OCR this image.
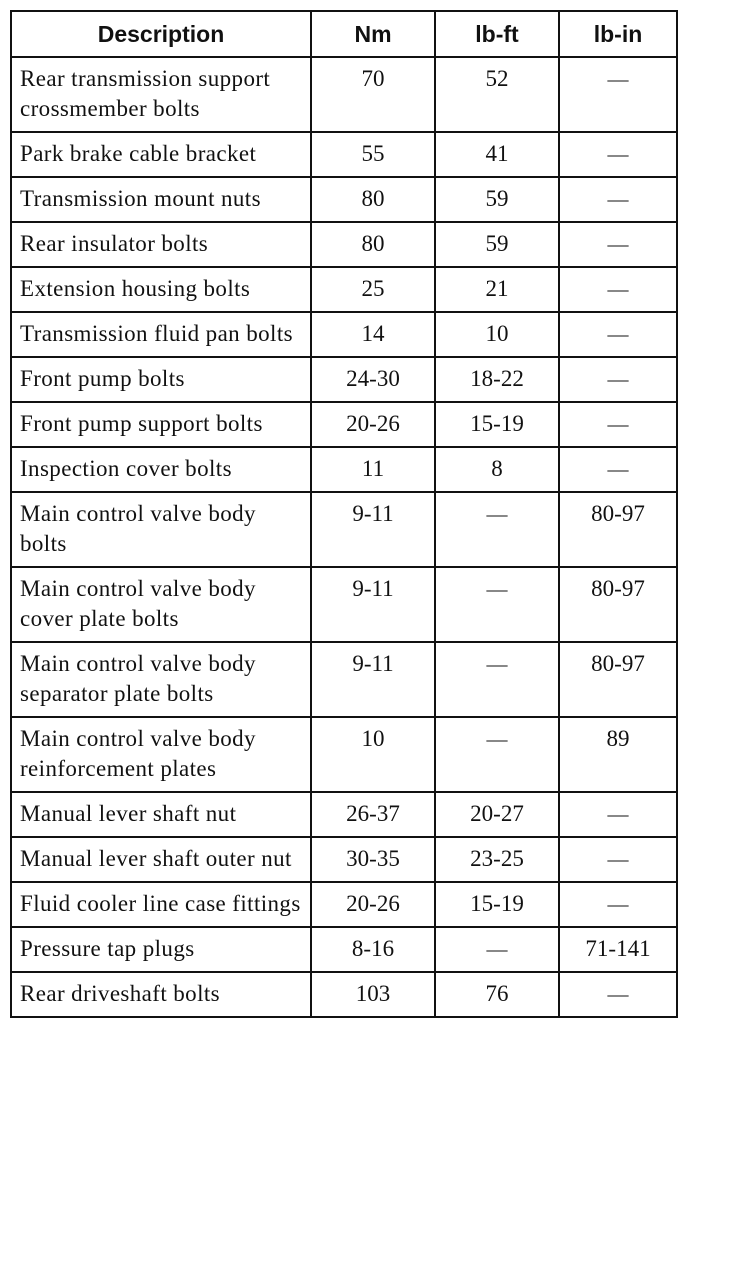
Description	Nm	lb-ft	lb-in
Rear transmission support crossmember bolts	70	52	—
Park brake cable bracket	55	41	—
Transmission mount nuts	80	59	—
Rear insulator bolts	80	59	—
Extension housing bolts	25	21	—
Transmission fluid pan bolts	14	10	—
Front pump bolts	24-30	18-22	—
Front pump support bolts	20-26	15-19	—
Inspection cover bolts	11	8	—
Main control valve body bolts	9-11	—	80-97
Main control valve body cover plate bolts	9-11	—	80-97
Main control valve body separator plate bolts	9-11	—	80-97
Main control valve body reinforcement plates	10	—	89
Manual lever shaft nut	26-37	20-27	—
Manual lever shaft outer nut	30-35	23-25	—
Fluid cooler line case fittings	20-26	15-19	—
Pressure tap plugs	8-16	—	71-141
Rear driveshaft bolts	103	76	—
